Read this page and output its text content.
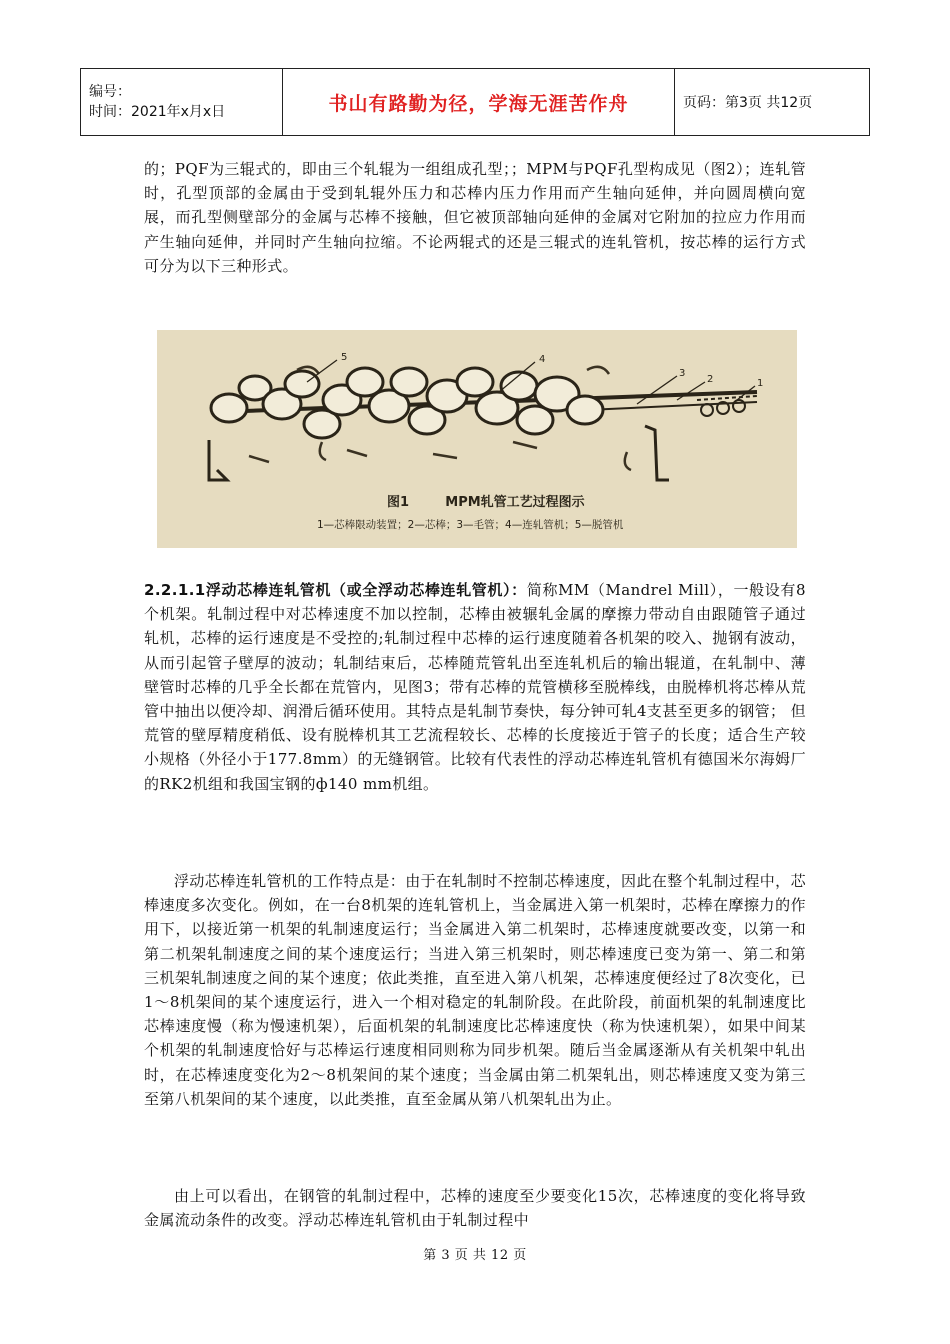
编号：
时间：2021年x月x日	书山有路勤为径，学海无涯苦作舟	页码：第3页 共12页

的；PQF为三辊式的，即由三个轧辊为一组组成孔型；；MPM与PQF孔型构成见（图2）；连轧管时，孔型顶部的金属由于受到轧辊外压力和芯棒内压力作用而产生轴向延伸，并向圆周横向宽展，而孔型侧壁部分的金属与芯棒不接触，但它被顶部轴向延伸的金属对它附加的拉应力作用而产生轴向延伸，并同时产生轴向拉缩。不论两辊式的还是三辊式的连轧管机，按芯棒的运行方式可分为以下三种形式。

5	4
3
2	1
图1        MPM轧管工艺过程图示
1—芯棒限动装置；2—芯棒；3—毛管；4—连轧管机；5—脱管机

2.2.1.1浮动芯棒连轧管机（或全浮动芯棒连轧管机）：简称MM（Mandrel Mill），一般设有8个机架。轧制过程中对芯棒速度不加以控制，芯棒由被辗轧金属的摩擦力带动自由跟随管子通过轧机，芯棒的运行速度是不受控的;轧制过程中芯棒的运行速度随着各机架的咬入、抛钢有波动，从而引起管子壁厚的波动；轧制结束后，芯棒随荒管轧出至连轧机后的输出辊道，在轧制中、薄壁管时芯棒的几乎全长都在荒管内，见图3；带有芯棒的荒管横移至脱棒线，由脱棒机将芯棒从荒管中抽出以便冷却、润滑后循环使用。其特点是轧制节奏快，每分钟可轧4支甚至更多的钢管； 但荒管的壁厚精度稍低、设有脱棒机其工艺流程较长、芯棒的长度接近于管子的长度；适合生产较小规格（外径小于177.8mm）的无缝钢管。比较有代表性的浮动芯棒连轧管机有德国米尔海姆厂的RK2机组和我国宝钢的ф140 mm机组。

浮动芯棒连轧管机的工作特点是：由于在轧制时不控制芯棒速度，因此在整个轧制过程中，芯棒速度多次变化。例如，在一台8机架的连轧管机上，当金属进入第一机架时，芯棒在摩擦力的作用下，以接近第一机架的轧制速度运行；当金属进入第二机架时，芯棒速度就要改变，以第一和第二机架轧制速度之间的某个速度运行；当进入第三机架时，则芯棒速度已变为第一、第二和第三机架轧制速度之间的某个速度；依此类推，直至进入第八机架，芯棒速度便经过了8次变化，已1～8机架间的某个速度运行，进入一个相对稳定的轧制阶段。在此阶段，前面机架的轧制速度比芯棒速度慢（称为慢速机架），后面机架的轧制速度比芯棒速度快（称为快速机架），如果中间某个机架的轧制速度恰好与芯棒运行速度相同则称为同步机架。随后当金属逐渐从有关机架中轧出时，在芯棒速度变化为2～8机架间的某个速度；当金属由第二机架轧出，则芯棒速度又变为第三至第八机架间的某个速度，以此类推，直至金属从第八机架轧出为止。

由上可以看出，在钢管的轧制过程中，芯棒的速度至少要变化15次，芯棒速度的变化将导致金属流动条件的改变。浮动芯棒连轧管机由于轧制过程中

第 3 页 共 12 页
